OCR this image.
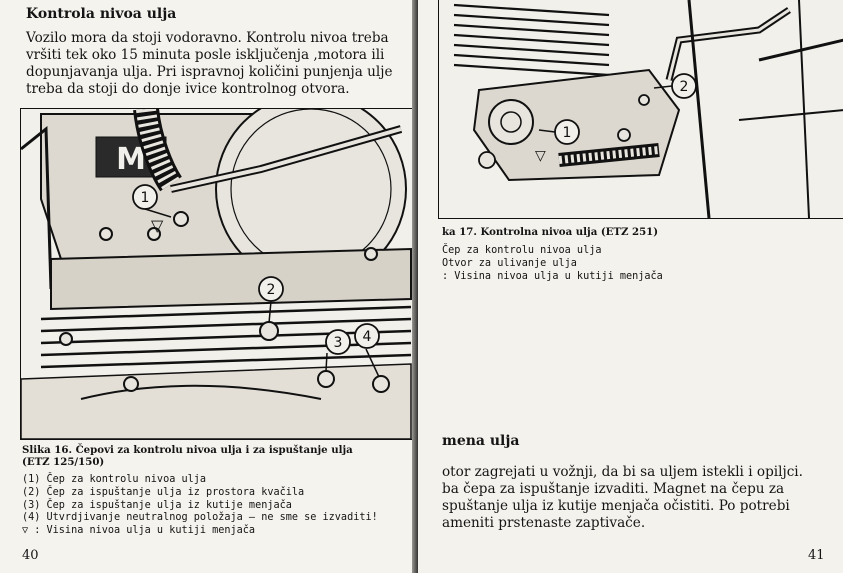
Kontrola nivoa ulja
Vozilo mora da stoji vodoravno. Kontrolu nivoa treba
vršiti tek oko 15 minuta posle isključenja ,motora ili
dopunjavanja ulja. Pri ispravnoj količini punjenja ulje
treba da stoji do donje ivice kontrolnog otvora.
M
1
2
3 4
▽
Slika 16. Čepovi za kontrolu nivoa ulja i za ispuštanje ulja
(ETZ 125/150)
(1) Čep za kontrolu nivoa ulja
(2) Čep za ispuštanje ulja iz prostora kvačila
(3) Čep za ispuštanje ulja iz kutije menjača
(4) Utvrdjivanje neutralnog položaja – ne sme se izvaditi!
▽ : Visina nivoa ulja u kutiji menjača
40
1
2
▽
ka 17. Kontrolna nivoa ulja (ETZ 251)
Čep za kontrolu nivoa ulja
Otvor za ulivanje ulja
: Visina nivoa ulja u kutiji menjača
mena ulja
otor zagrejati u vožnji, da bi sa uljem istekli i opiljci.
ba čepa za ispuštanje izvaditi. Magnet na čepu za
spuštanje ulja iz kutije menjača očistiti. Po potrebi
ameniti prstenaste zaptivače.
41
